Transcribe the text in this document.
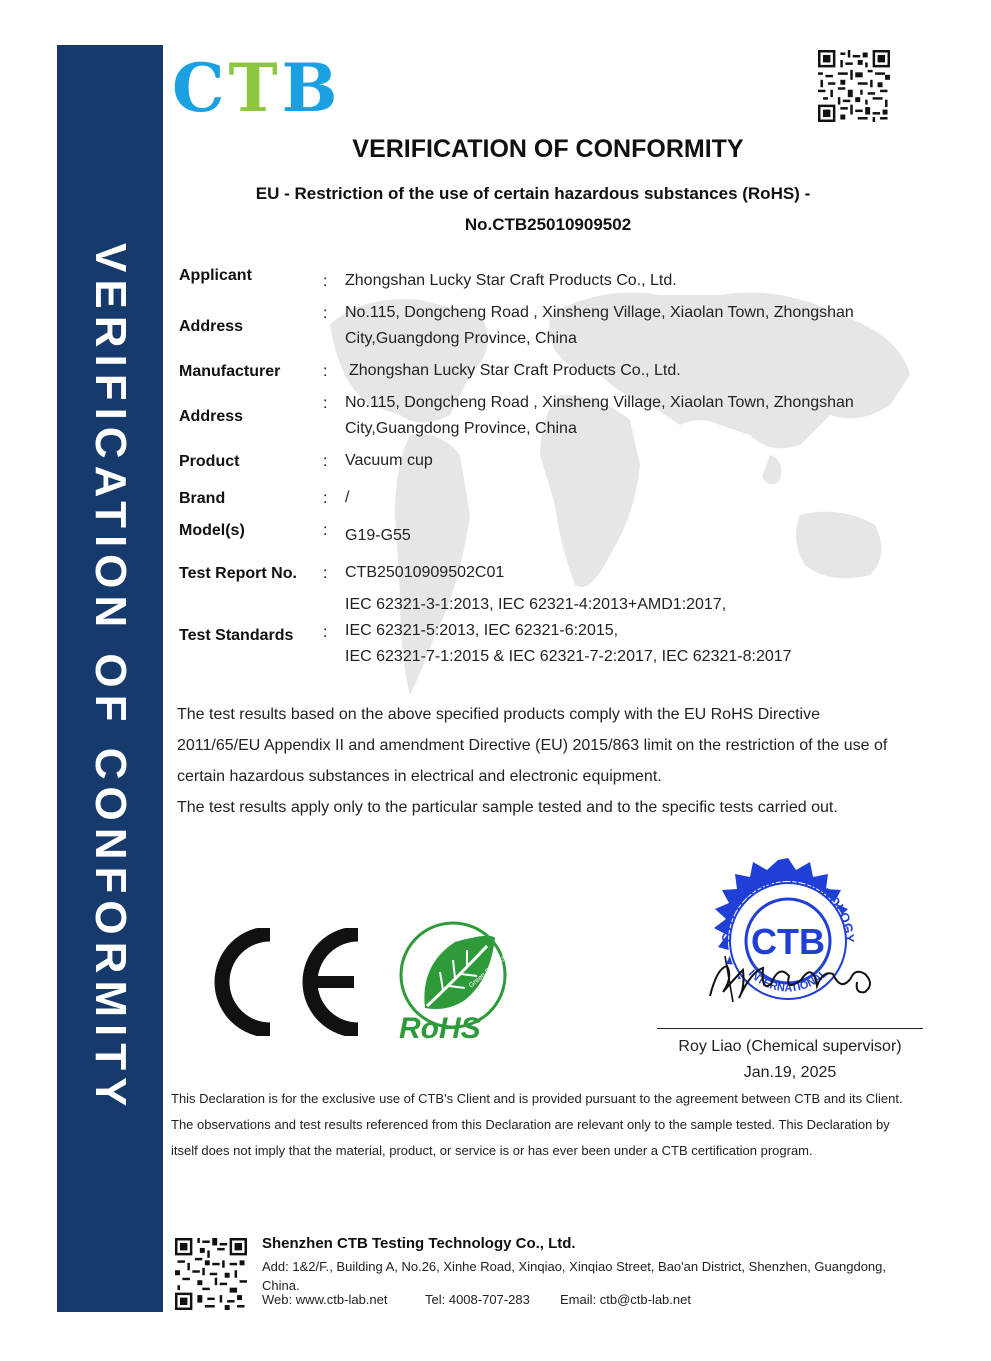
VERIFICATION OF CONFORMITY
CTB
VERIFICATION OF CONFORMITY
EU - Restriction of the use of certain hazardous substances (RoHS) -
No.CTB25010909502
Applicant	: Zhongshan Lucky Star Craft Products Co., Ltd.
Address
: No.115, Dongcheng Road , Xinsheng Village, Xiaolan Town, Zhongshan
City,Guangdong Province, China
Manufacturer	: Zhongshan Lucky Star Craft Products Co., Ltd.
Address
: No.115, Dongcheng Road , Xinsheng Village, Xiaolan Town, Zhongshan
City,Guangdong Province, China
Product	: Vacuum cup
Brand	: /
Model(s)	: G19-G55
Test Report No. : CTB25010909502C01
Test Standards :
IEC 62321-3-1:2013, IEC 62321-4:2013+AMD1:2017,
IEC 62321-5:2013, IEC 62321-6:2015,
IEC 62321-7-1:2015 & IEC 62321-7-2:2017, IEC 62321-8:2017
The test results based on the above specified products comply with the EU RoHS Directive
2011/65/EU Appendix II and amendment Directive (EU) 2015/863 limit on the restriction of the use of
certain hazardous substances in electrical and electronic equipment.
The test results apply only to the particular sample tested and to the specific tests carried out.
Green Product
RoHS
CTB TESTING TECHNOLOGY
INTERNATIONAL
CTB
Roy Liao (Chemical supervisor)
Jan.19, 2025
This Declaration is for the exclusive use of CTB's Client and is provided pursuant to the agreement between CTB and its Client.
The observations and test results referenced from this Declaration are relevant only to the sample tested. This Declaration by
itself does not imply that the material, product, or service is or has ever been under a CTB certification program.
Shenzhen CTB Testing Technology Co., Ltd.
Add: 1&2/F., Building A, No.26, Xinhe Road, Xinqiao, Xinqiao Street, Bao'an District, Shenzhen, Guangdong,
China.
Web: www.ctb-lab.net	Tel: 4008-707-283 Email: ctb@ctb-lab.net
